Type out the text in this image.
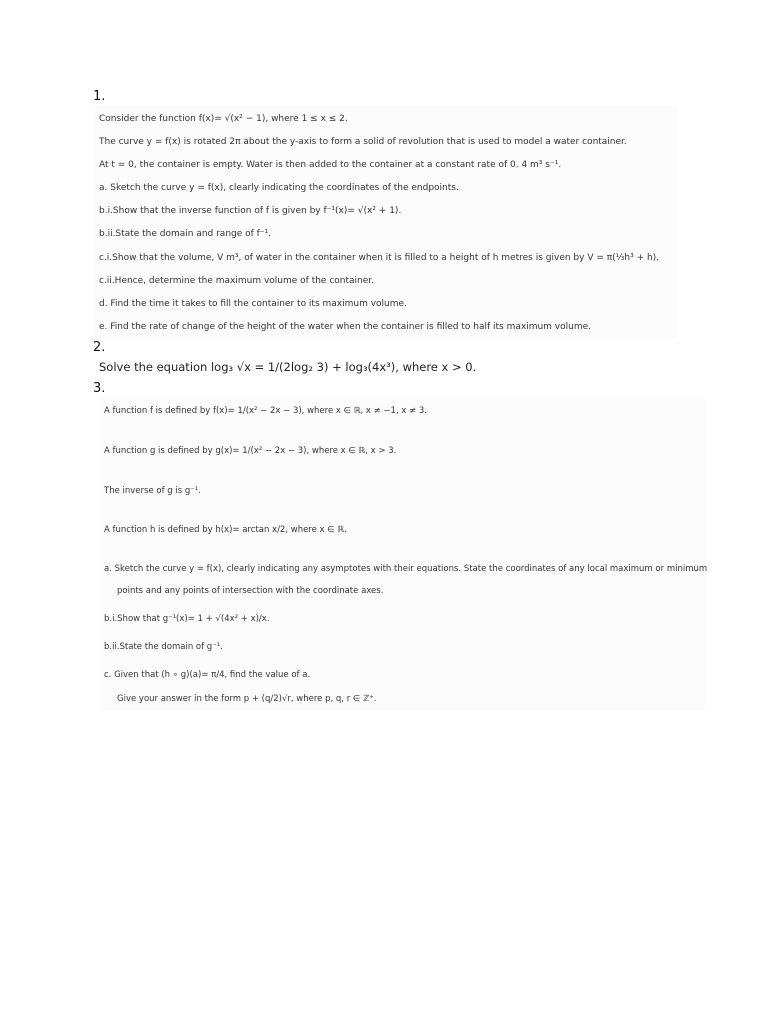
1.
Consider the function f(x)= √(x² − 1), where 1 ≤ x ≤ 2.
The curve y = f(x) is rotated 2π about the y-axis to form a solid of revolution that is used to model a water container.
At t = 0, the container is empty. Water is then added to the container at a constant rate of 0. 4 m³ s⁻¹.
a. Sketch the curve y = f(x), clearly indicating the coordinates of the endpoints.
b.i.Show that the inverse function of f is given by f⁻¹(x)= √(x² + 1).
b.ii.State the domain and range of f⁻¹.
c.i.Show that the volume, V m³, of water in the container when it is filled to a height of h metres is given by V = π(⅓h³ + h).
c.ii.Hence, determine the maximum volume of the container.
d. Find the time it takes to fill the container to its maximum volume.
e. Find the rate of change of the height of the water when the container is filled to half its maximum volume.
2.
Solve the equation log₃ √x = 1/(2log₂ 3) + log₃(4x³), where x > 0.
3.
A function f is defined by f(x)= 1/(x² − 2x − 3), where x ∈ ℝ, x ≠ −1, x ≠ 3.
A function g is defined by g(x)= 1/(x² − 2x − 3), where x ∈ ℝ, x > 3.
The inverse of g is g⁻¹.
A function h is defined by h(x)= arctan x/2, where x ∈ ℝ.
a. Sketch the curve y = f(x), clearly indicating any asymptotes with their equations. State the coordinates of any local maximum or minimum
points and any points of intersection with the coordinate axes.
b.i.Show that g⁻¹(x)= 1 + √(4x² + x)/x.
b.ii.State the domain of g⁻¹.
c. Given that (h ∘ g)(a)= π/4, find the value of a.
Give your answer in the form p + (q/2)√r, where p, q, r ∈ ℤ⁺.
